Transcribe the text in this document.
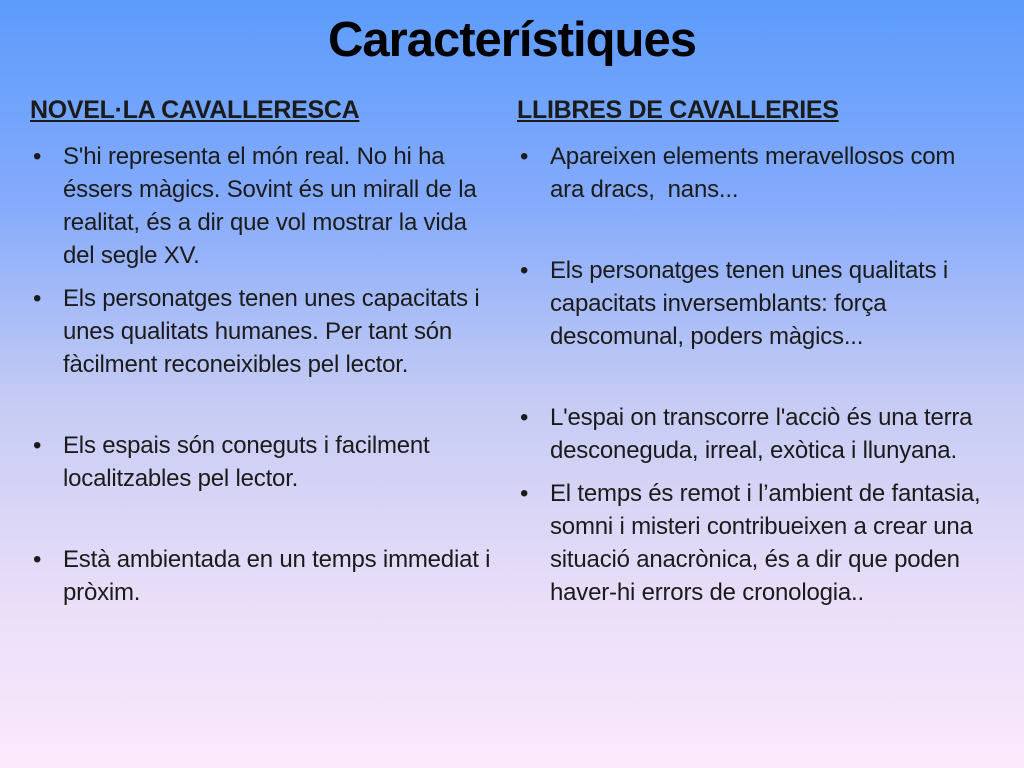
Característiques
NOVEL·LA CAVALLERESCA
• S'hi representa el món real. No hi ha éssers màgics. Sovint és un mirall de la realitat, és a dir que vol mostrar la vida del segle XV.
• Els personatges tenen unes capacitats i unes qualitats humanes. Per tant són fàcilment reconeixibles pel lector.
• Els espais són coneguts i facilment localitzables pel lector.
• Està ambientada en un temps immediat i pròxim.
LLIBRES DE CAVALLERIES
• Apareixen elements meravellosos com ara dracs,  nans...
• Els personatges tenen unes qualitats i capacitats inversemblants: força descomunal, poders màgics...
• L'espai on transcorre l'acciò és una terra  desconeguda, irreal, exòtica i llunyana.
• El temps és remot i l’ambient de fantasia, somni i misteri contribueixen a crear una situació anacrònica, és a dir que poden haver-hi errors de cronologia..
